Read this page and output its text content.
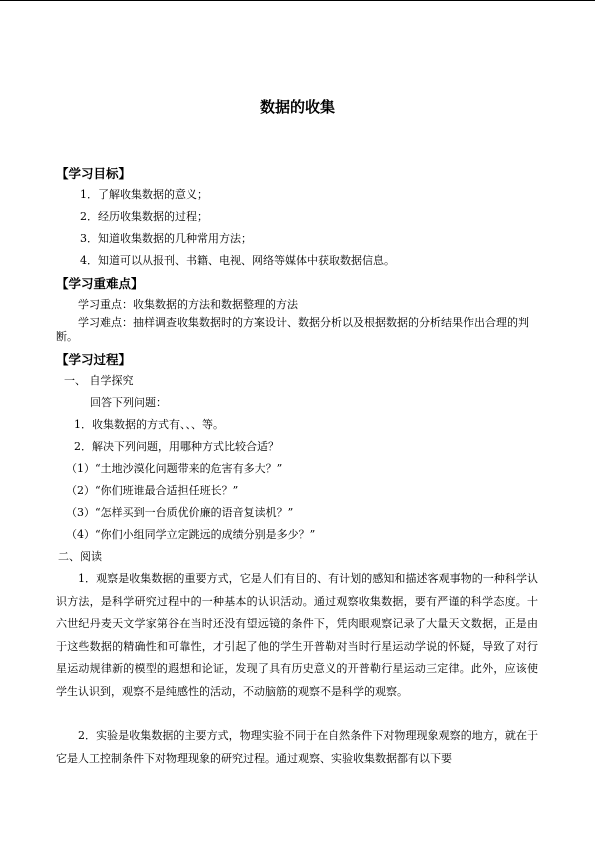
数据的收集
【学习目标】
1．了解收集数据的意义；
2．经历收集数据的过程；
3．知道收集数据的几种常用方法；
4．知道可以从报刊、书籍、电视、网络等媒体中获取数据信息。
【学习重难点】
学习重点：收集数据的方法和数据整理的方法
学习难点：抽样调查收集数据时的方案设计、数据分析以及根据数据的分析结果作出合理的判断。
【学习过程】
一、 自学探究
回答下列问题：
1．收集数据的方式有、、、等。
2．解决下列问题，用哪种方式比较合适？
（1）“土地沙漠化问题带来的危害有多大？”
（2）“你们班谁最合适担任班长？”
（3）“怎样买到一台质优价廉的语音复读机？”
（4）“你们小组同学立定跳远的成绩分别是多少？”
二、阅读
1．观察是收集数据的重要方式，它是人们有目的、有计划的感知和描述客观事物的一种科学认识方法，是科学研究过程中的一种基本的认识活动。通过观察收集数据，要有严谨的科学态度。十六世纪丹麦天文学家第谷在当时还没有望远镜的条件下，凭肉眼观察记录了大量天文数据，正是由于这些数据的精确性和可靠性，才引起了他的学生开普勒对当时行星运动学说的怀疑，导致了对行星运动规律新的模型的遐想和论证，发现了具有历史意义的开普勒行星运动三定律。此外，应该使学生认识到，观察不是纯感性的活动，不动脑筋的观察不是科学的观察。
2．实验是收集数据的主要方式，物理实验不同于在自然条件下对物理现象观察的地方，就在于它是人工控制条件下对物理现象的研究过程。通过观察、实验收集数据都有以下要
